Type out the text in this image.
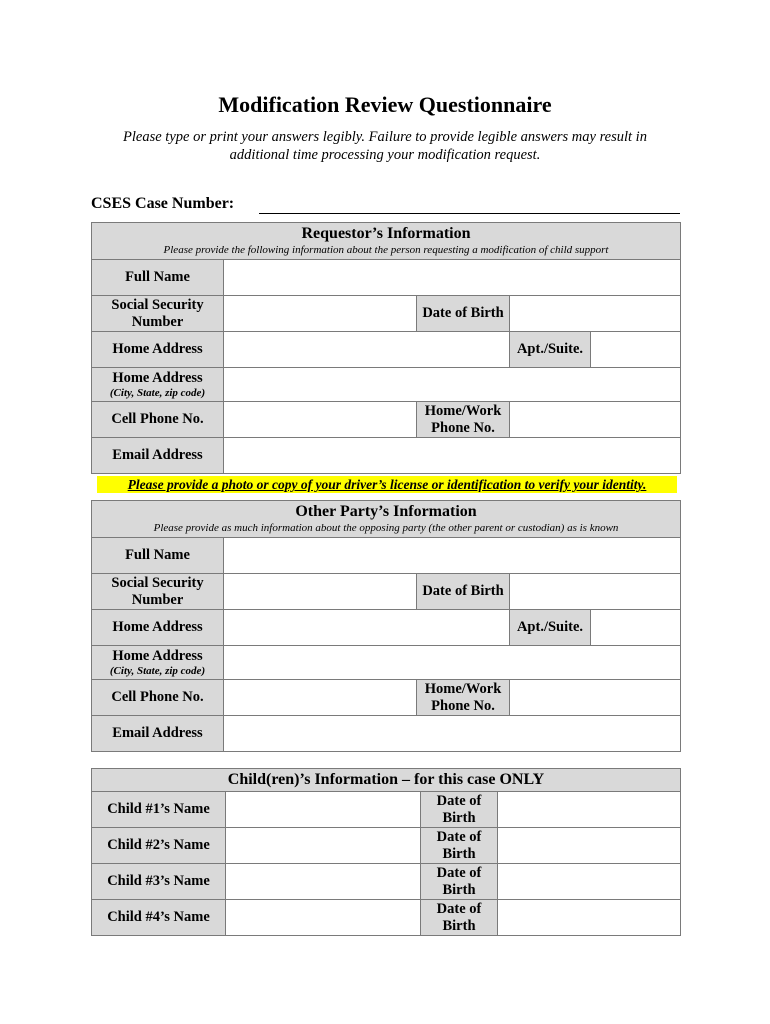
Modification Review Questionnaire
Please type or print your answers legibly. Failure to provide legible answers may result in additional time processing your modification request.
CSES Case Number:
Requestor’s Information
Please provide the following information about the person requesting a modification of child support				

Full Name				
Social Security Number		Date of Birth		
Home Address			Apt./Suite.	
Home Address
(City, State, zip code)				

Cell Phone No.		Home/Work Phone No.		
Email Address				
Please provide a photo or copy of your driver’s license or identification to verify your identity.
Other Party’s Information
Please provide as much information about the opposing party (the other parent or custodian) as is known				

Full Name				
Social Security Number		Date of Birth		
Home Address			Apt./Suite.	
Home Address
(City, State, zip code)				

Cell Phone No.		Home/Work Phone No.		
Email Address				
Child(ren)’s Information – for this case ONLY			

Child #1’s Name		Date of Birth	
Child #2’s Name		Date of Birth	
Child #3’s Name		Date of Birth	
Child #4’s Name		Date of Birth	
